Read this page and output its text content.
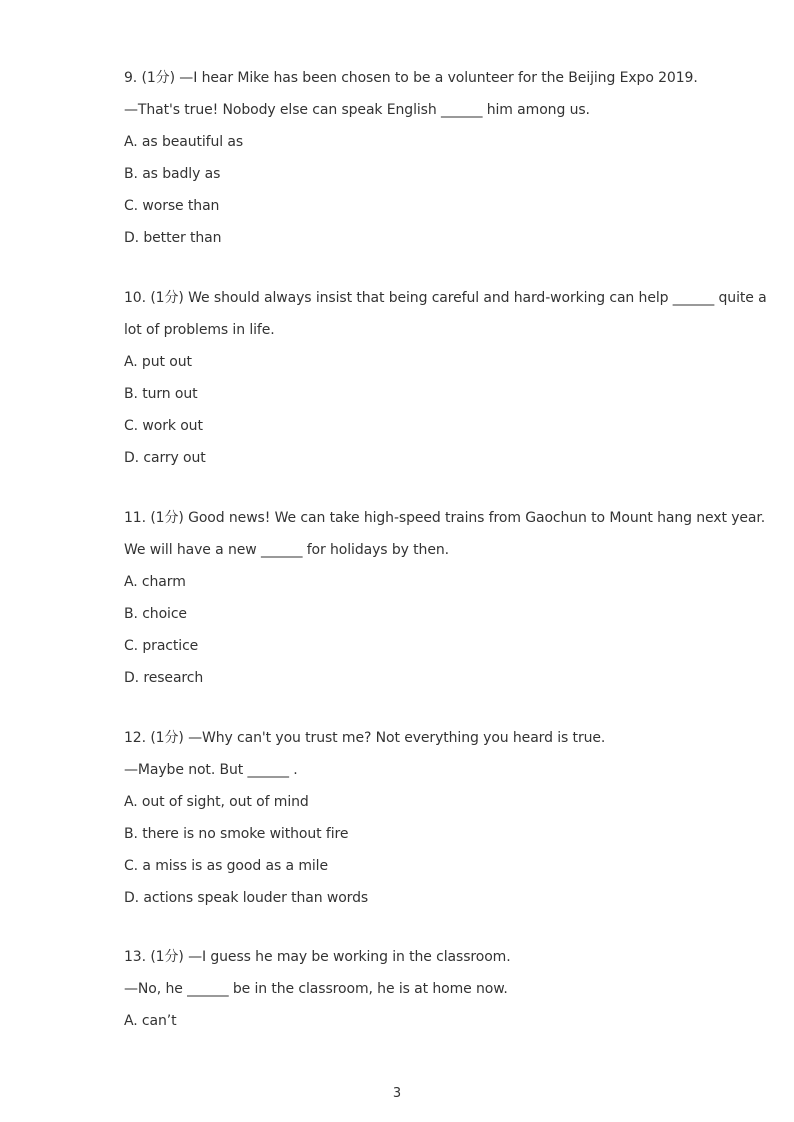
9. (1分) —I hear Mike has been chosen to be a volunteer for the Beijing Expo 2019.
—That's true! Nobody else can speak English ______ him among us.
A. as beautiful as
B. as badly as
C. worse than
D. better than
10. (1分) We should always insist that being careful and hard-working can help ______ quite a
lot of problems in life.
A. put out
B. turn out
C. work out
D. carry out
11. (1分) Good news! We can take high-speed trains from Gaochun to Mount hang next year.
We will have a new ______ for holidays by then.
A. charm
B. choice
C. practice
D. research
12. (1分) —Why can't you trust me? Not everything you heard is true.
—Maybe not. But ______ .
A. out of sight, out of mind
B. there is no smoke without fire
C. a miss is as good as a mile
D. actions speak louder than words
13. (1分) —I guess he may be working in the classroom.
—No, he ______ be in the classroom, he is at home now.
A. can’t
3
